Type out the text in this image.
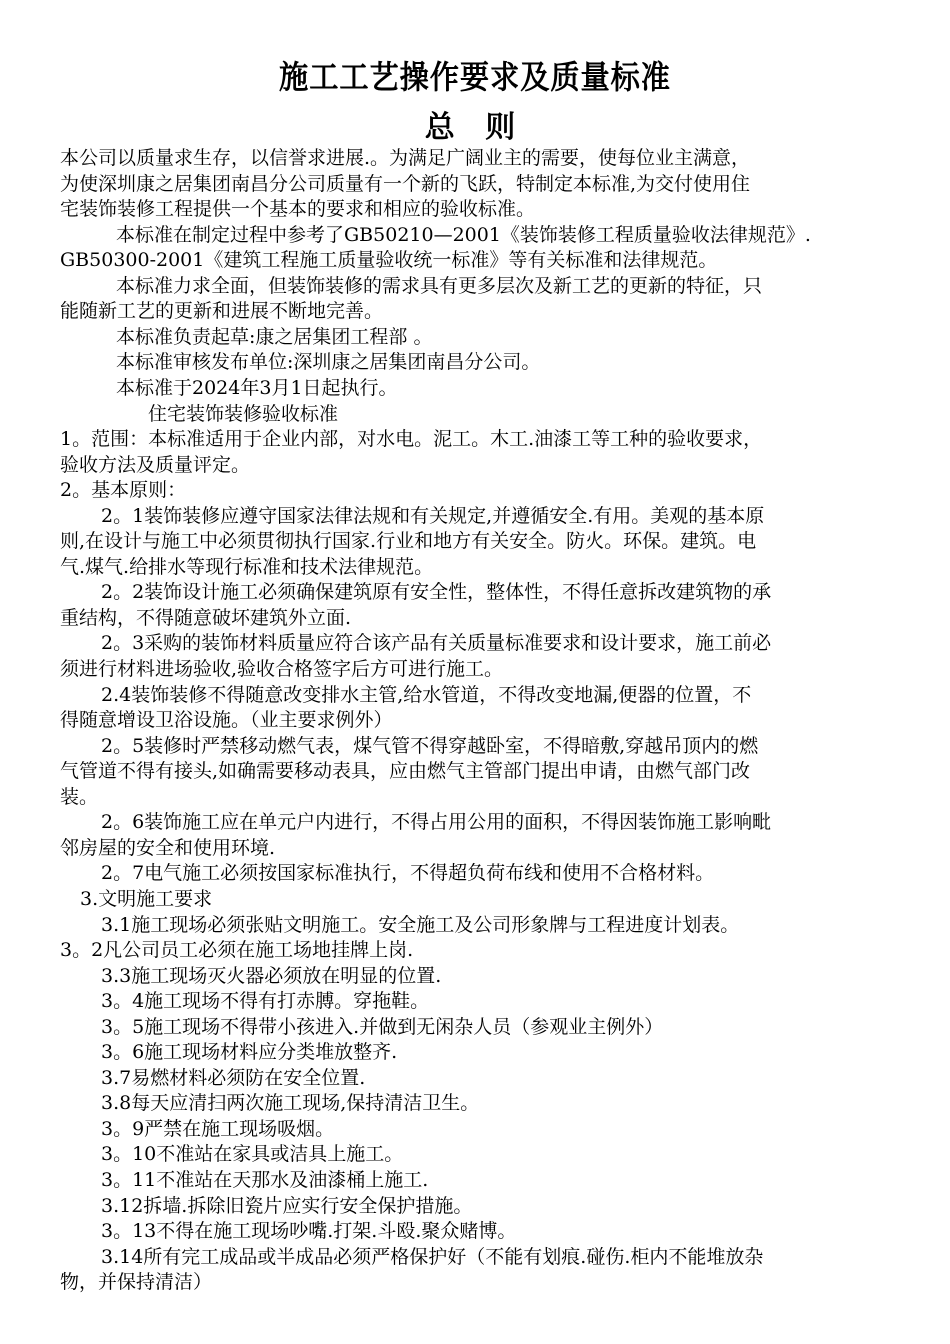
施工工艺操作要求及质量标准
总 则
本公司以质量求生存，以信誉求进展.。为满足广阔业主的需要，使每位业主满意，
为使深圳康之居集团南昌分公司质量有一个新的飞跃，特制定本标准,为交付使用住
宅装饰装修工程提供一个基本的要求和相应的验收标准。
本标准在制定过程中参考了GB50210—2001《装饰装修工程质量验收法律规范》.
GB50300-2001《建筑工程施工质量验收统一标准》等有关标准和法律规范。
本标准力求全面，但装饰装修的需求具有更多层次及新工艺的更新的特征，只
能随新工艺的更新和进展不断地完善。
本标准负责起草:康之居集团工程部 。
本标准审核发布单位:深圳康之居集团南昌分公司。
本标准于2024年3月1日起执行。
住宅装饰装修验收标准
1。范围：本标准适用于企业内部，对水电。泥工。木工.油漆工等工种的验收要求，
验收方法及质量评定。
2。基本原则：
2。1装饰装修应遵守国家法律法规和有关规定,并遵循安全.有用。美观的基本原
则,在设计与施工中必须贯彻执行国家.行业和地方有关安全。防火。环保。建筑。电
气.煤气.给排水等现行标准和技术法律规范。
2。2装饰设计施工必须确保建筑原有安全性，整体性，不得任意拆改建筑物的承
重结构，不得随意破坏建筑外立面.
2。3采购的装饰材料质量应符合该产品有关质量标准要求和设计要求，施工前必
须进行材料进场验收,验收合格签字后方可进行施工。
2.4装饰装修不得随意改变排水主管,给水管道，不得改变地漏,便器的位置，不
得随意增设卫浴设施。（业主要求例外）
2。5装修时严禁移动燃气表，煤气管不得穿越卧室，不得暗敷,穿越吊顶内的燃
气管道不得有接头,如确需要移动表具，应由燃气主管部门提出申请，由燃气部门改
装。
2。6装饰施工应在单元户内进行，不得占用公用的面积，不得因装饰施工影响毗
邻房屋的安全和使用环境.
2。7电气施工必须按国家标准执行，不得超负荷布线和使用不合格材料。
3.文明施工要求
3.1施工现场必须张贴文明施工。安全施工及公司形象牌与工程进度计划表。
3。2凡公司员工必须在施工场地挂牌上岗.
3.3施工现场灭火器必须放在明显的位置.
3。4施工现场不得有打赤膊。穿拖鞋。
3。5施工现场不得带小孩进入.并做到无闲杂人员（参观业主例外）
3。6施工现场材料应分类堆放整齐.
3.7易燃材料必须防在安全位置.
3.8每天应清扫两次施工现场,保持清洁卫生。
3。9严禁在施工现场吸烟。
3。10不准站在家具或洁具上施工。
3。11不准站在天那水及油漆桶上施工.
3.12拆墙.拆除旧瓷片应实行安全保护措施。
3。13不得在施工现场吵嘴.打架.斗殴.聚众赌博。
3.14所有完工成品或半成品必须严格保护好（不能有划痕.碰伤.柜内不能堆放杂
物，并保持清洁）
